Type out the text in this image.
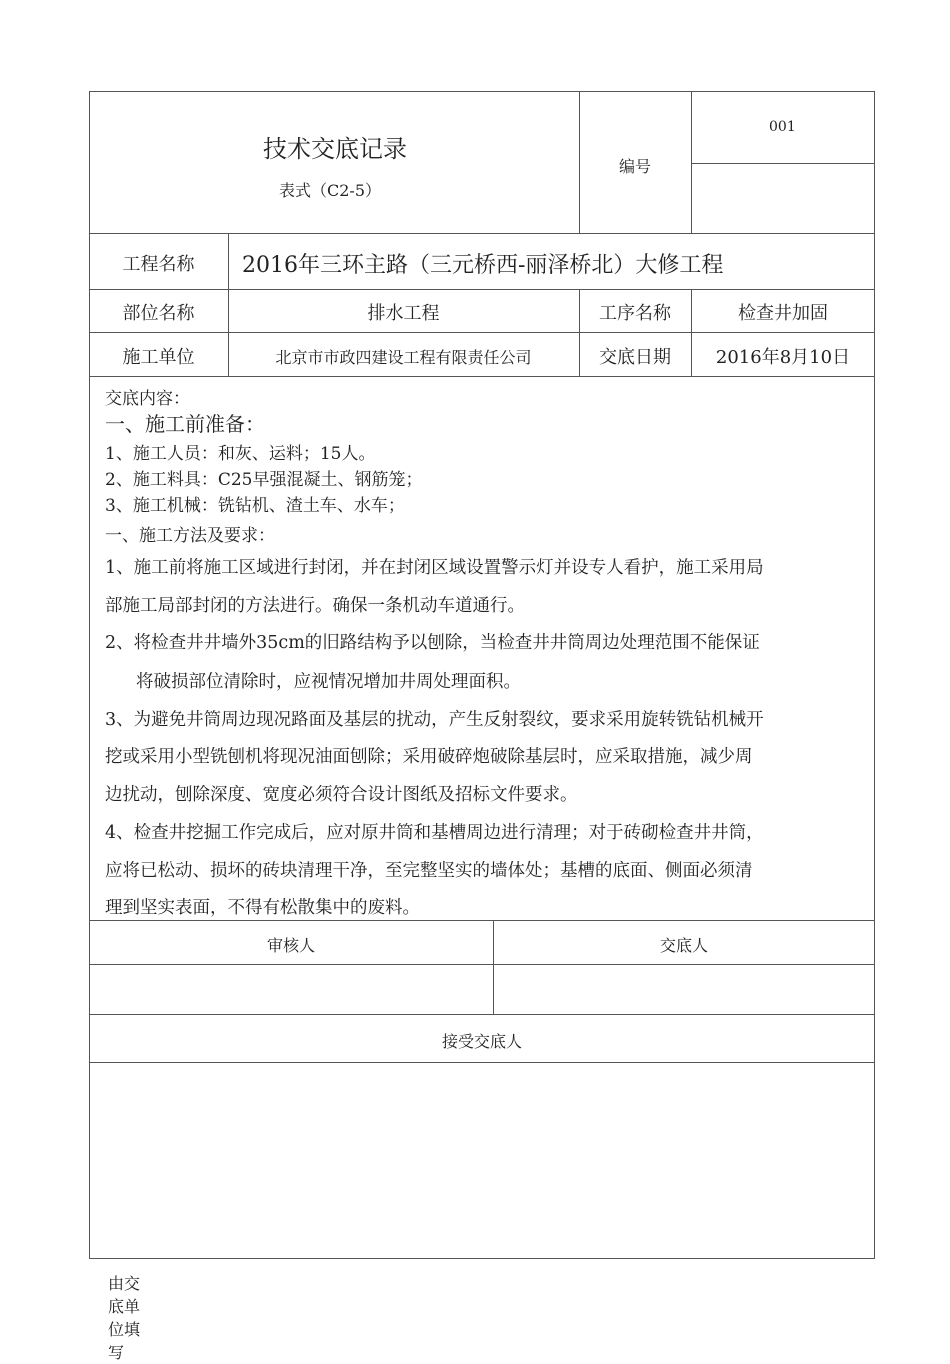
技术交底记录
表式（C2-5）
编号
001
工程名称	2016年三环主路（三元桥西-丽泽桥北）大修工程
部位名称	排水工程	工序名称	检查井加固
施工单位	北京市市政四建设工程有限责任公司	交底日期	2016年8月10日
交底内容：
一、施工前准备：
1、施工人员：和灰、运料；15人。
2、施工料具：C25早强混凝土、钢筋笼；
3、施工机械：铣钻机、渣土车、水车；
一、施工方法及要求：
1、施工前将施工区域进行封闭，并在封闭区域设置警示灯并设专人看护，施工采用局
部施工局部封闭的方法进行。确保一条机动车道通行。
2、将检查井井墙外35cm的旧路结构予以刨除，当检查井井筒周边处理范围不能保证
将破损部位清除时，应视情况增加井周处理面积。
3、为避免井筒周边现况路面及基层的扰动，产生反射裂纹，要求采用旋转铣钻机械开
挖或采用小型铣刨机将现况油面刨除；采用破碎炮破除基层时，应采取措施，减少周
边扰动，刨除深度、宽度必须符合设计图纸及招标文件要求。
4、检查井挖掘工作完成后，应对原井筒和基槽周边进行清理；对于砖砌检查井井筒，
应将已松动、损坏的砖块清理干净，至完整坚实的墙体处；基槽的底面、侧面必须清
理到坚实表面，不得有松散集中的废料。
审核人	交底人
接受交底人
由交底单位填写
